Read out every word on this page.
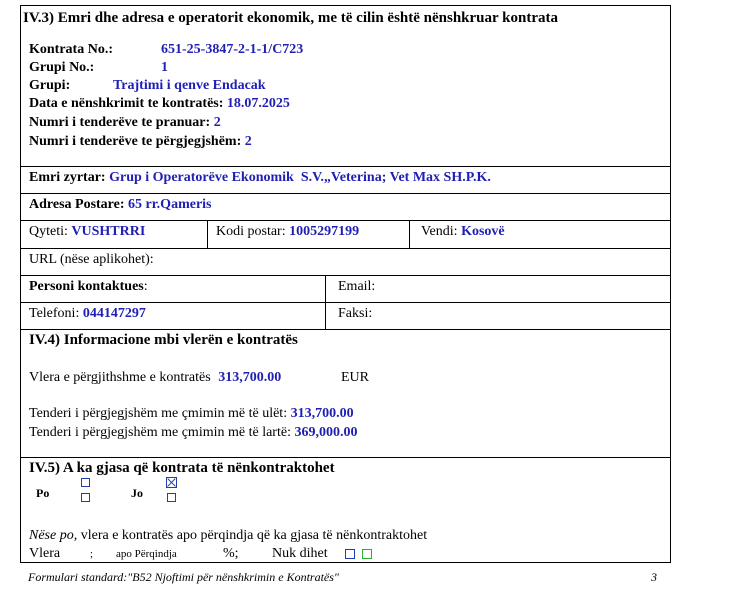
IV.3) Emri dhe adresa e operatorit ekonomik, me të cilin është nënshkruar kontrata
Kontrata No.:	651-25-3847-2-1-1/C723
Grupi No.:	1
Grupi:	Trajtimi i qenve Endacak
Data e nënshkrimit te kontratës: 18.07.2025
Numri i tenderëve te pranuar: 2
Numri i tenderëve te përgjegjshëm: 2
Emri zyrtar: Grup i Operatorëve Ekonomik  S.V.„Veterina; Vet Max SH.P.K.
Adresa Postare: 65 rr.Qameris
Qyteti: VUSHTRRI	Kodi postar: 1005297199	Vendi: Kosovë
URL (nëse aplikohet):
Personi kontaktues:	Email:
Telefoni: 044147297	Faksi:
IV.4) Informacione mbi vlerën e kontratës
Vlera e përgjithshme e kontratës 313,700.00	EUR
Tenderi i përgjegjshëm me çmimin më të ulët: 313,700.00
Tenderi i përgjegjshëm me çmimin më të lartë: 369,000.00
IV.5) A ka gjasa që kontrata të nënkontraktohet
Po	Jo
Nëse po, vlera e kontratës apo përqindja që ka gjasa të nënkontraktohet
Vlera	; apo Përqindja	%; Nuk dihet
Formulari standard:"B52 Njoftimi për nënshkrimin e Kontratës"	3
